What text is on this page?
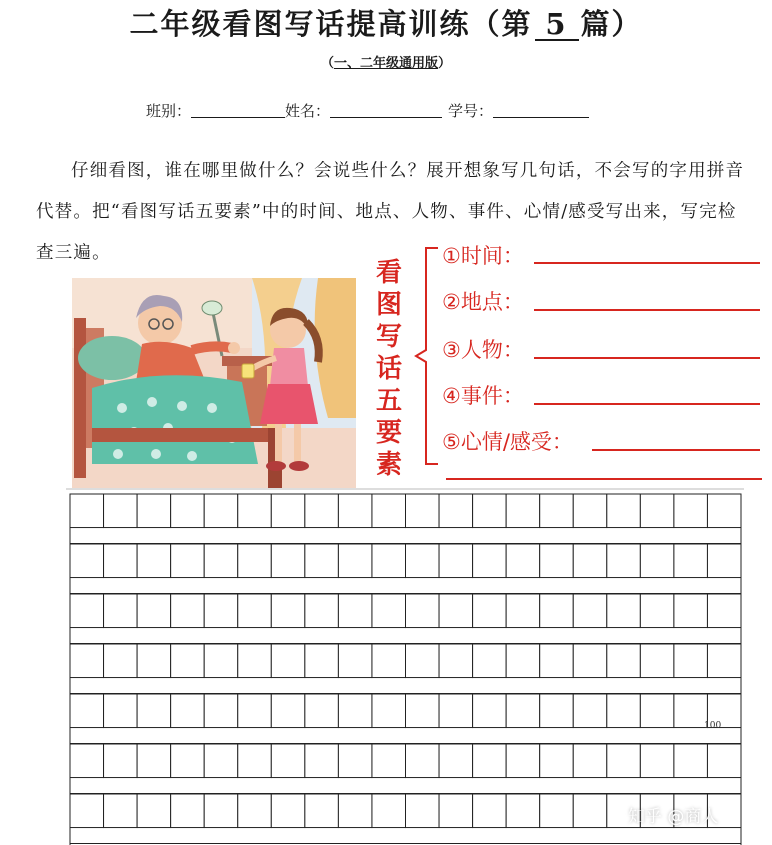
二年级看图写话提高训练（第 5 篇）
（一、二年级通用版）
班别：	姓名：	学号：

仔细看图，谁在哪里做什么？会说些什么？展开想象写几句话，不会写的字用拼音代替。把“看图写话五要素”中的时间、地点、人物、事件、心情/感受写出来，写完检查三遍。

看
图
写
话
五
要
素
①时间：
②地点：
③人物：
④事件：
⑤心情/感受：
100
知乎 @商人
